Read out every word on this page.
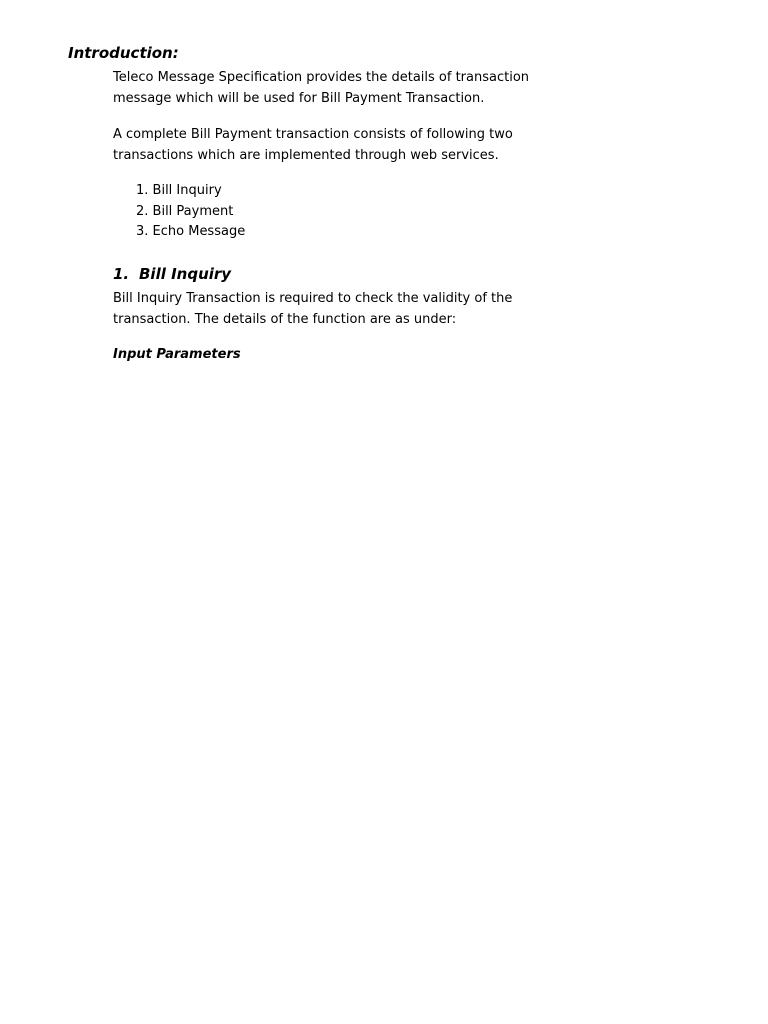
Introduction:

Teleco Message Specification provides the details of transaction
message which will be used for Bill Payment Transaction.

A complete Bill Payment transaction consists of following two
transactions which are implemented through web services.

1. Bill Inquiry
2. Bill Payment
3. Echo Message
1. Bill Inquiry

Bill Inquiry Transaction is required to check the validity of the
transaction. The details of the function are as under:

Input Parameters
